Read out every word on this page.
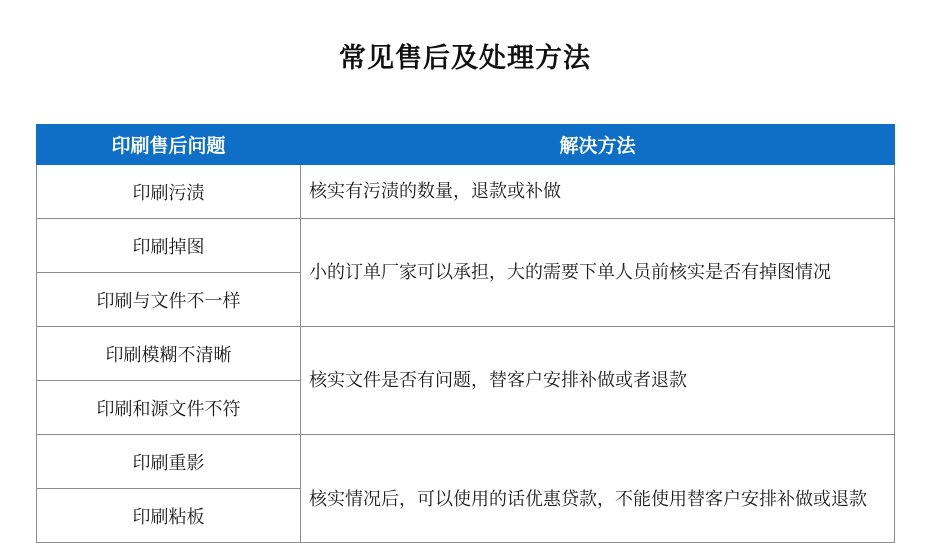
常见售后及处理方法
印刷售后问题	解决方法
印刷污渍	核实有污渍的数量，退款或补做
印刷掉图	小的订单厂家可以承担，大的需要下单人员前核实是否有掉图情况
印刷与文件不一样	
印刷模糊不清晰	核实文件是否有问题，替客户安排补做或者退款
印刷和源文件不符	
印刷重影	核实情况后，可以使用的话优惠贷款，不能使用替客户安排补做或退款
印刷粘板	
